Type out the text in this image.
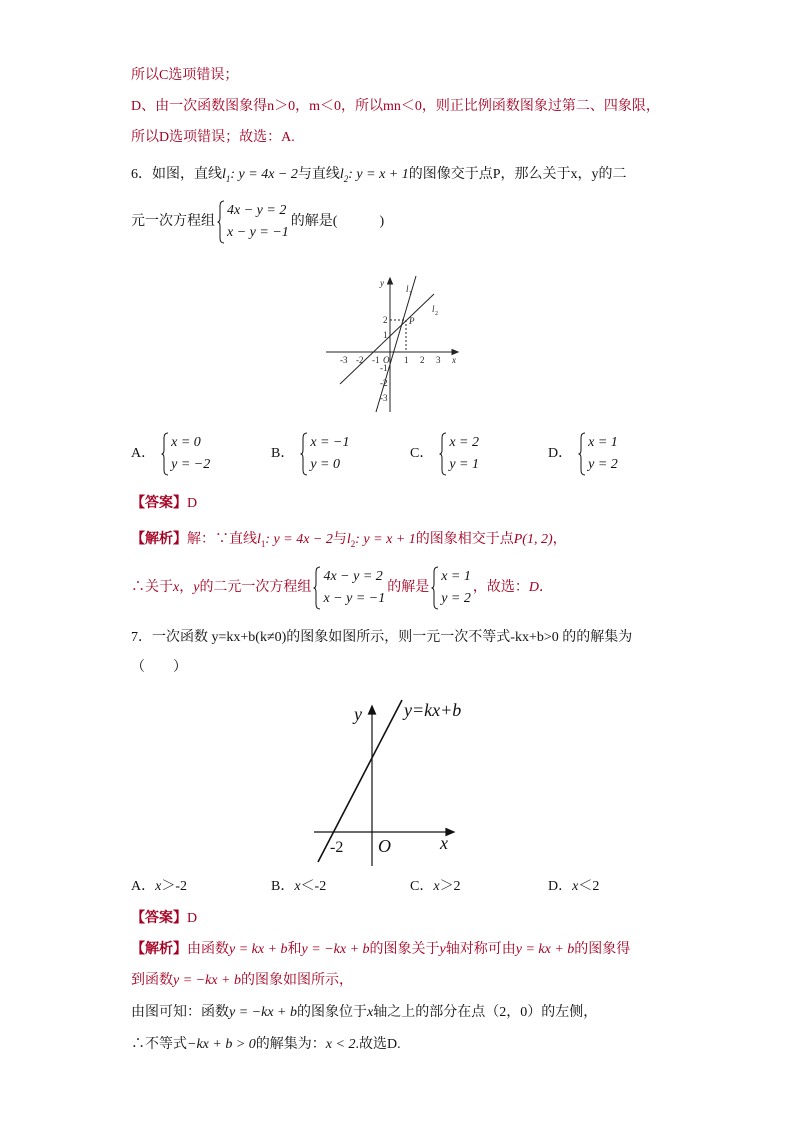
所以C选项错误；
D、由一次函数图象得n＞0，m＜0，所以mn＜0，则正比例函数图象过第二、四象限，
所以D选项错误；故选：A.
6．如图，直线$l_1$: y = 4x − 2与直线$l_2$: y = x + 1的图像交于点P，那么关于x，y的二
元一次方程组
4x − y = 2
x − y = −1
的解是(　　　)
-3 -2 -1 O 1 2 3 x
2
1
-1
-2
-3
y
l 1
l 2
P
A．
x = 0
y = −2
B．
x = −1
y = 0
C．
x = 2
y = 1
D．
x = 1
y = 2
【答案】D
【解析】解：∵直线$l_1$: y = 4x − 2与$l_2$: y = x + 1的图象相交于点P(1, 2)，
∴关于x，y的二元一次方程组
4x − y = 2
x − y = −1
的解是
x = 1
y = 2
，故选：D．
7．一次函数 y=kx+b(k≠0)的图象如图所示，则一元一次不等式-kx+b>0 的的解集为
（　　）
y y=kx+b
O	x
-2
A．x＞-2	B．x＜-2	C．x＞2	D．x＜2
【答案】D
【解析】由函数y = kx + b和y = −kx + b的图象关于y轴对称可由y = kx + b的图象得
到函数y = −kx + b的图象如图所示，
由图可知：函数y = −kx + b的图象位于x轴之上的部分在点（2，0）的左侧，
∴不等式−kx + b > 0的解集为：x < 2.故选D.
